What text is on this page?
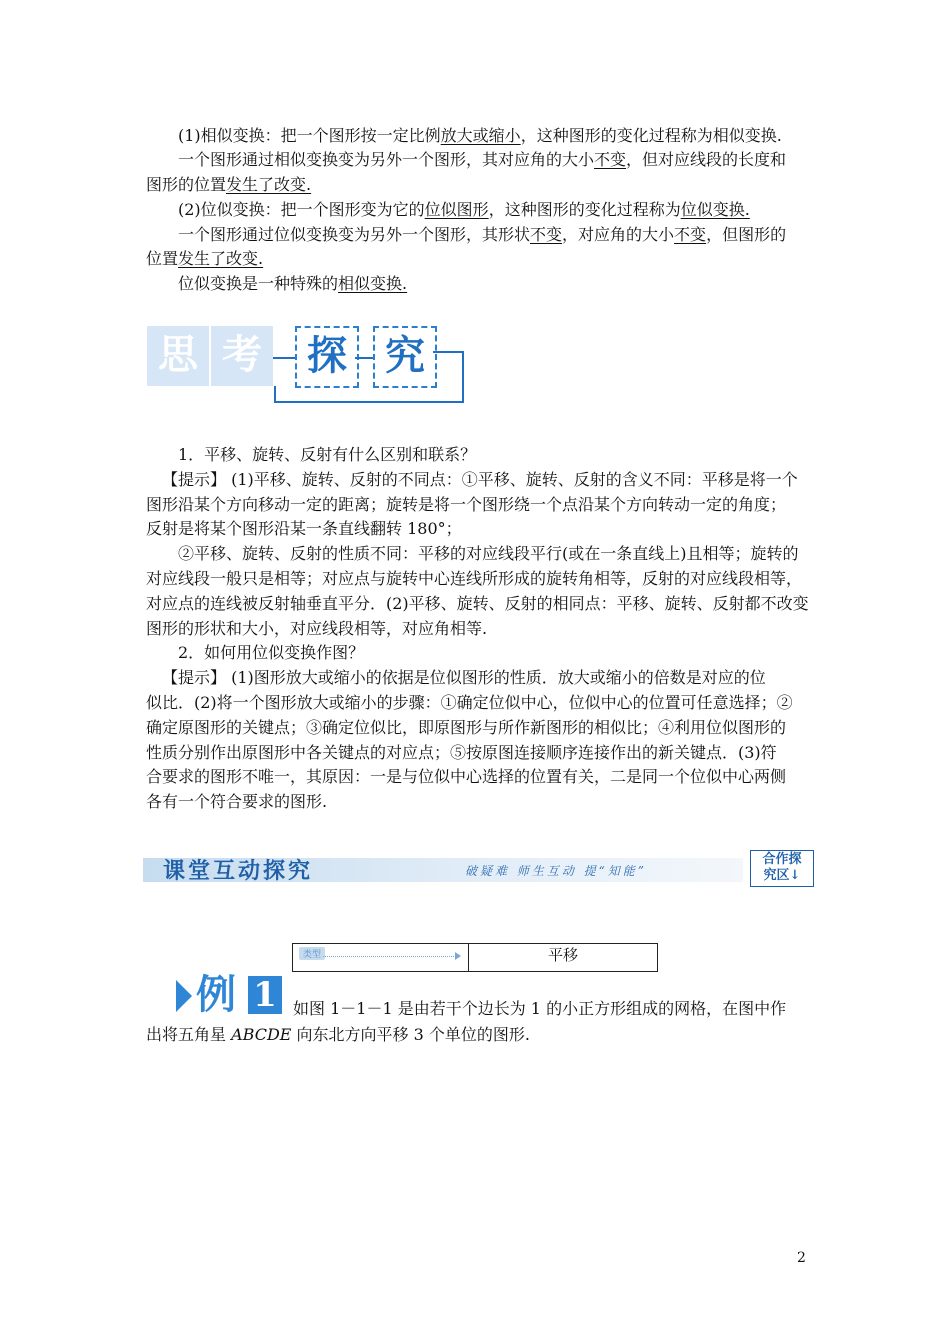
(1)相似变换：把一个图形按一定比例放大或缩小，这种图形的变化过程称为相似变换.
一个图形通过相似变换变为另外一个图形，其对应角的大小不变，但对应线段的长度和
图形的位置发生了改变.
(2)位似变换：把一个图形变为它的位似图形，这种图形的变化过程称为位似变换.
一个图形通过位似变换变为另外一个图形，其形状不变，对应角的大小不变，但图形的
位置发生了改变.
位似变换是一种特殊的相似变换.
思 考	探 究
1．平移、旋转、反射有什么区别和联系？
【提示】 (1)平移、旋转、反射的不同点：①平移、旋转、反射的含义不同：平移是将一个
图形沿某个方向移动一定的距离；旋转是将一个图形绕一个点沿某个方向转动一定的角度；
反射是将某个图形沿某一条直线翻转 180°；
②平移、旋转、反射的性质不同：平移的对应线段平行(或在一条直线上)且相等；旋转的
对应线段一般只是相等；对应点与旋转中心连线所形成的旋转角相等，反射的对应线段相等，
对应点的连线被反射轴垂直平分．(2)平移、旋转、反射的相同点：平移、旋转、反射都不改变
图形的形状和大小，对应线段相等，对应角相等.
2．如何用位似变换作图？
【提示】 (1)图形放大或缩小的依据是位似图形的性质．放大或缩小的倍数是对应的位
似比．(2)将一个图形放大或缩小的步骤：①确定位似中心，位似中心的位置可任意选择；②
确定原图形的关键点；③确定位似比，即原图形与所作新图形的相似比；④利用位似图形的
性质分别作出原图形中各关键点的对应点；⑤按原图连接顺序连接作出的新关键点．(3)符
合要求的图形不唯一，其原因：一是与位似中心选择的位置有关，二是同一个位似中心两侧
各有一个符合要求的图形.
课堂互动探究	破疑难 师生互动 提“知能”
合作探
究区↓
类型	平移
例 1	如图 1－1－1 是由若干个边长为 1 的小正方形组成的网格，在图中作
出将五角星 ABCDE 向东北方向平移 3 个单位的图形.
2
